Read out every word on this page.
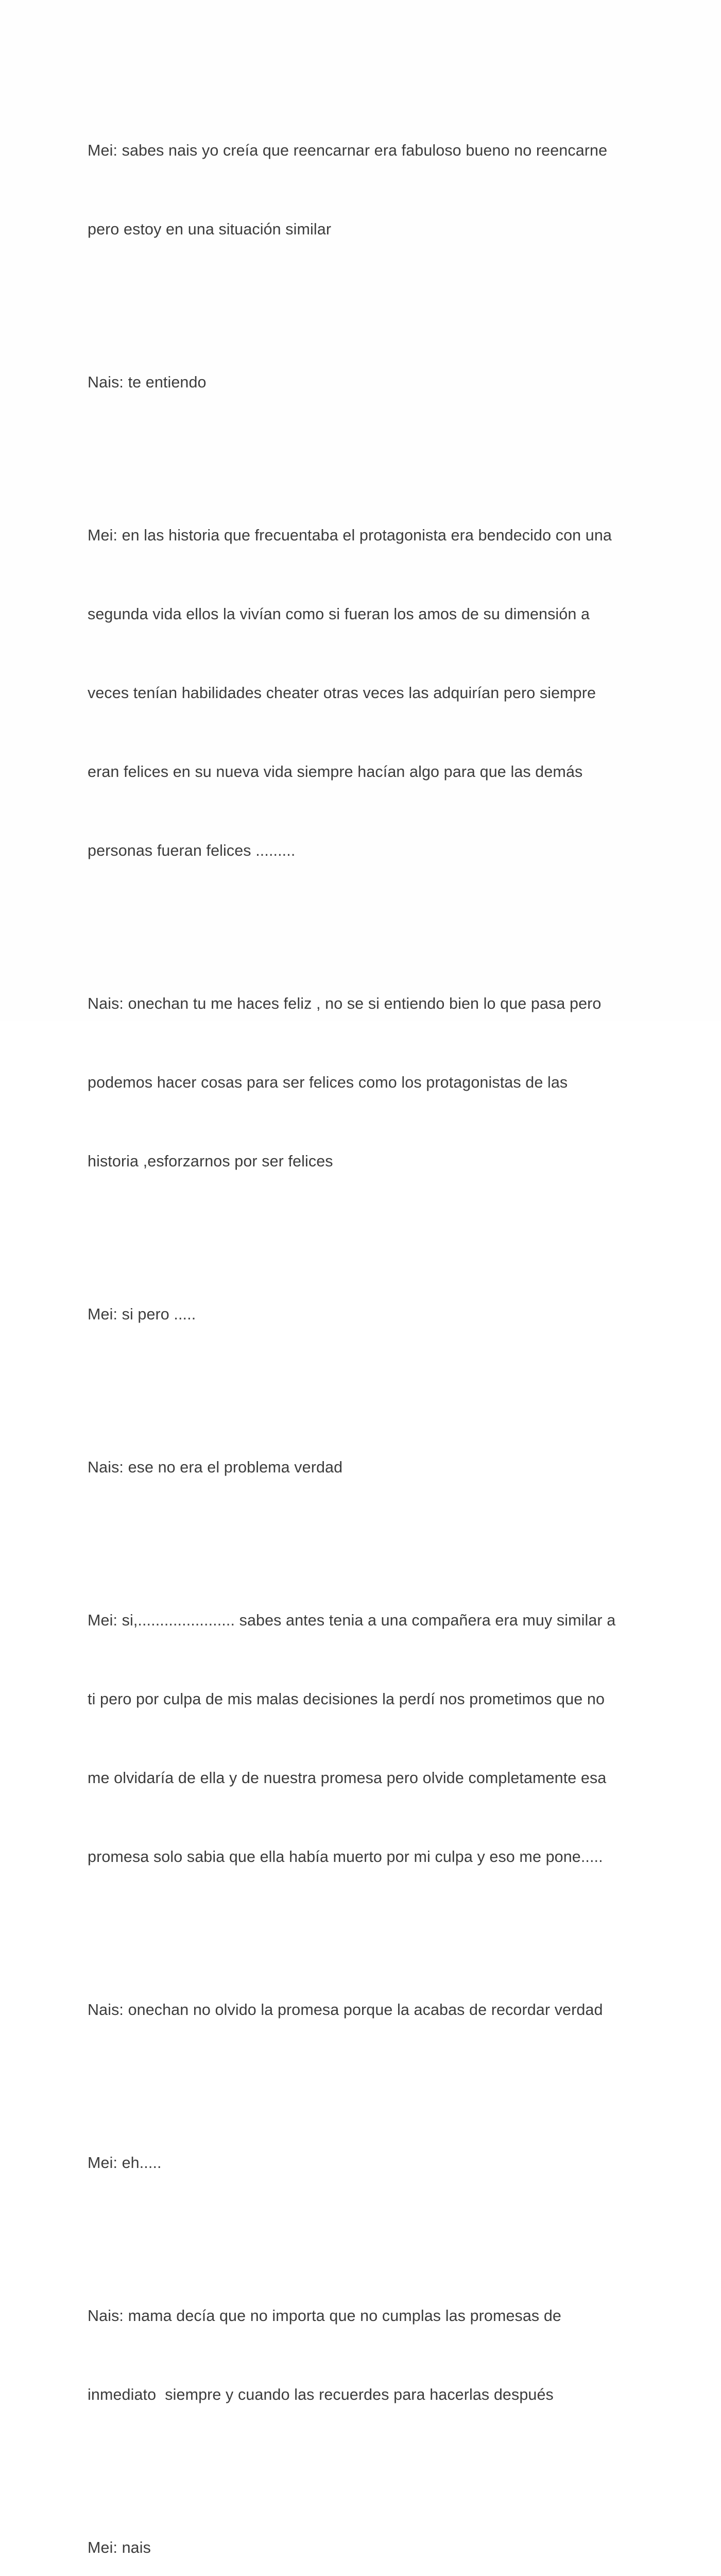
Mei: sabes nais yo creía que reencarnar era fabuloso bueno no reencarne

pero estoy en una situación similar

Nais: te entiendo

Mei: en las historia que frecuentaba el protagonista era bendecido con una

segunda vida ellos la vivían como si fueran los amos de su dimensión a

veces tenían habilidades cheater otras veces las adquirían pero siempre

eran felices en su nueva vida siempre hacían algo para que las demás

personas fueran felices .........

Nais: onechan tu me haces feliz , no se si entiendo bien lo que pasa pero

podemos hacer cosas para ser felices como los protagonistas de las

historia ,esforzarnos por ser felices

Mei: si pero .....

Nais: ese no era el problema verdad

Mei: si,...................... sabes antes tenia a una compañera era muy similar a

ti pero por culpa de mis malas decisiones la perdí nos prometimos que no

me olvidaría de ella y de nuestra promesa pero olvide completamente esa

promesa solo sabia que ella había muerto por mi culpa y eso me pone.....

Nais: onechan no olvido la promesa porque la acabas de recordar verdad

Mei: eh.....

Nais: mama decía que no importa que no cumplas las promesas de

inmediato  siempre y cuando las recuerdes para hacerlas después

Mei: nais
